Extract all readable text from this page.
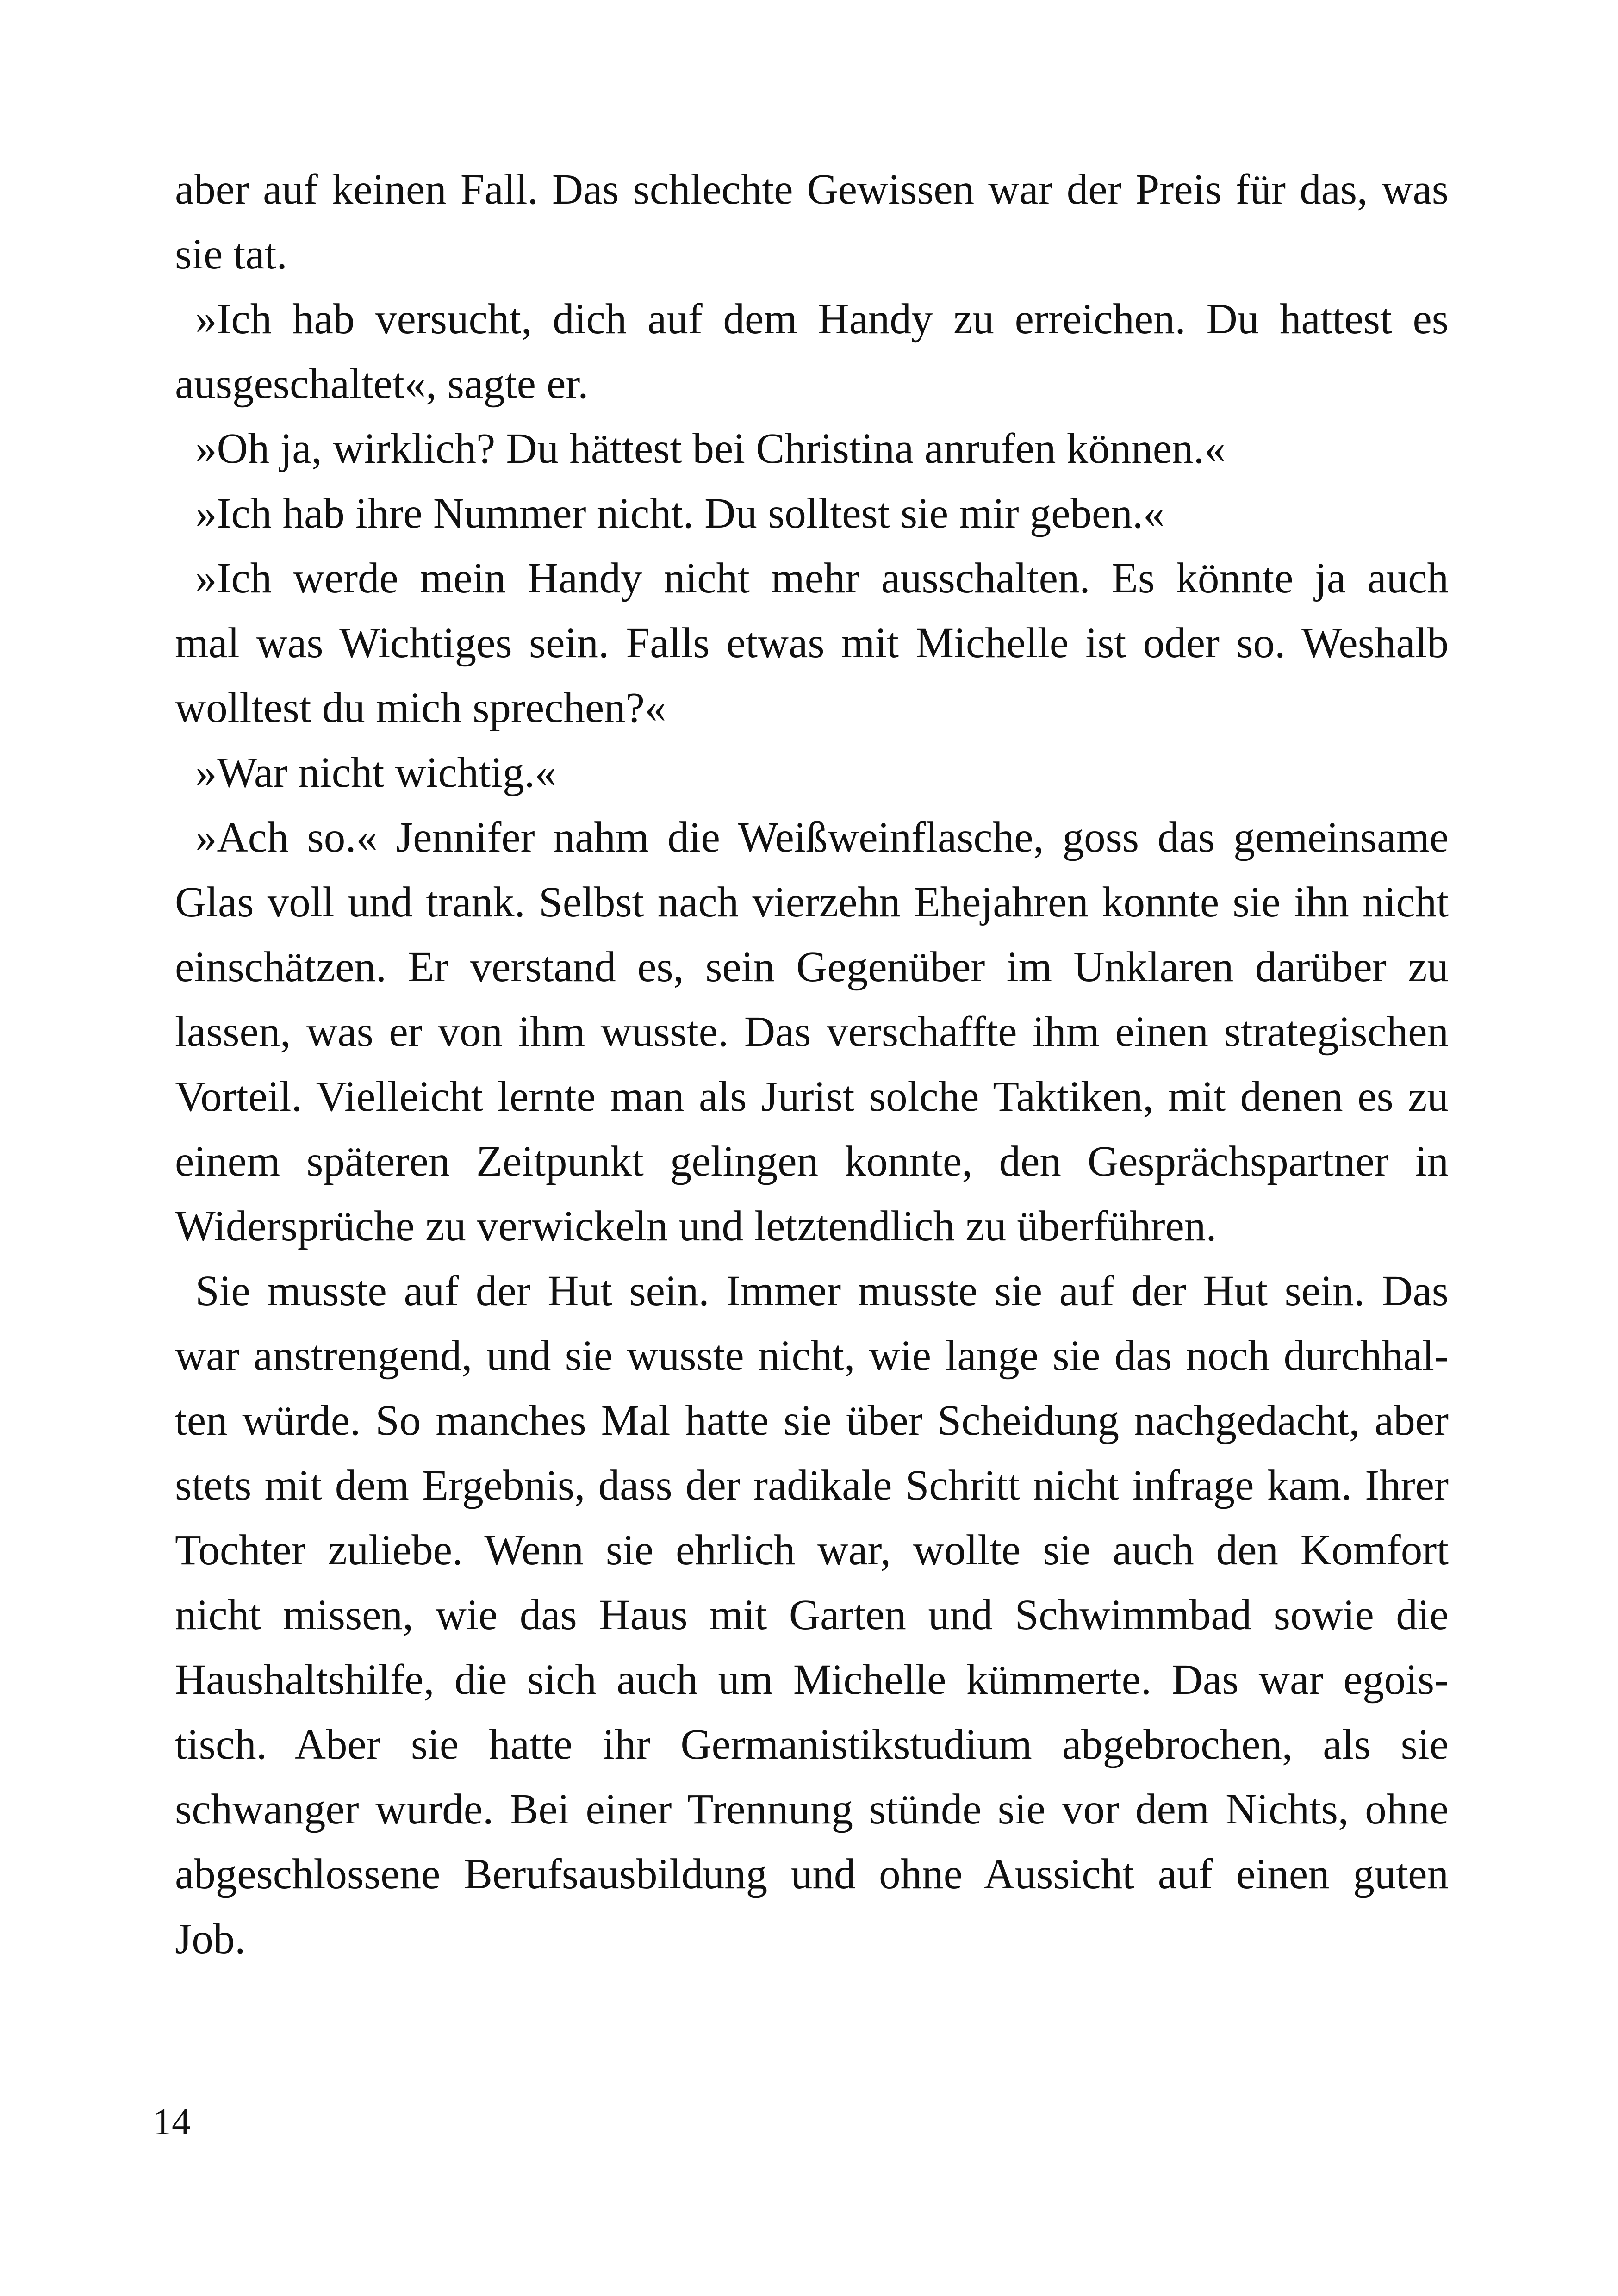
aber auf keinen Fall. Das schlechte Gewissen war der Preis für das, was
sie tat.
»Ich hab versucht, dich auf dem Handy zu erreichen. Du hattest es
ausgeschaltet«, sagte er.
»Oh ja, wirklich? Du hättest bei Christina anrufen können.«
»Ich hab ihre Nummer nicht. Du solltest sie mir geben.«
»Ich werde mein Handy nicht mehr ausschalten. Es könnte ja auch
mal was Wichtiges sein. Falls etwas mit Michelle ist oder so. Weshalb
wolltest du mich sprechen?«
»War nicht wichtig.«
»Ach so.« Jennifer nahm die Weißweinflasche, goss das gemeinsame
Glas voll und trank. Selbst nach vierzehn Ehejahren konnte sie ihn nicht
einschätzen. Er verstand es, sein Gegenüber im Unklaren darüber zu
lassen, was er von ihm wusste. Das verschaffte ihm einen strategischen
Vorteil. Vielleicht lernte man als Jurist solche Taktiken, mit denen es zu
einem späteren Zeitpunkt gelingen konnte, den Gesprächspartner in
Widersprüche zu verwickeln und letztendlich zu überführen.
Sie musste auf der Hut sein. Immer musste sie auf der Hut sein. Das
war anstrengend, und sie wusste nicht, wie lange sie das noch durchhal-
ten würde. So manches Mal hatte sie über Scheidung nachgedacht, aber
stets mit dem Ergebnis, dass der radikale Schritt nicht infrage kam. Ihrer
Tochter zuliebe. Wenn sie ehrlich war, wollte sie auch den Komfort
nicht missen, wie das Haus mit Garten und Schwimmbad sowie die
Haushaltshilfe, die sich auch um Michelle kümmerte. Das war egois-
tisch. Aber sie hatte ihr Germanistikstudium abgebrochen, als sie
schwanger wurde. Bei einer Trennung stünde sie vor dem Nichts, ohne
abgeschlossene Berufsausbildung und ohne Aussicht auf einen guten
Job.
14
